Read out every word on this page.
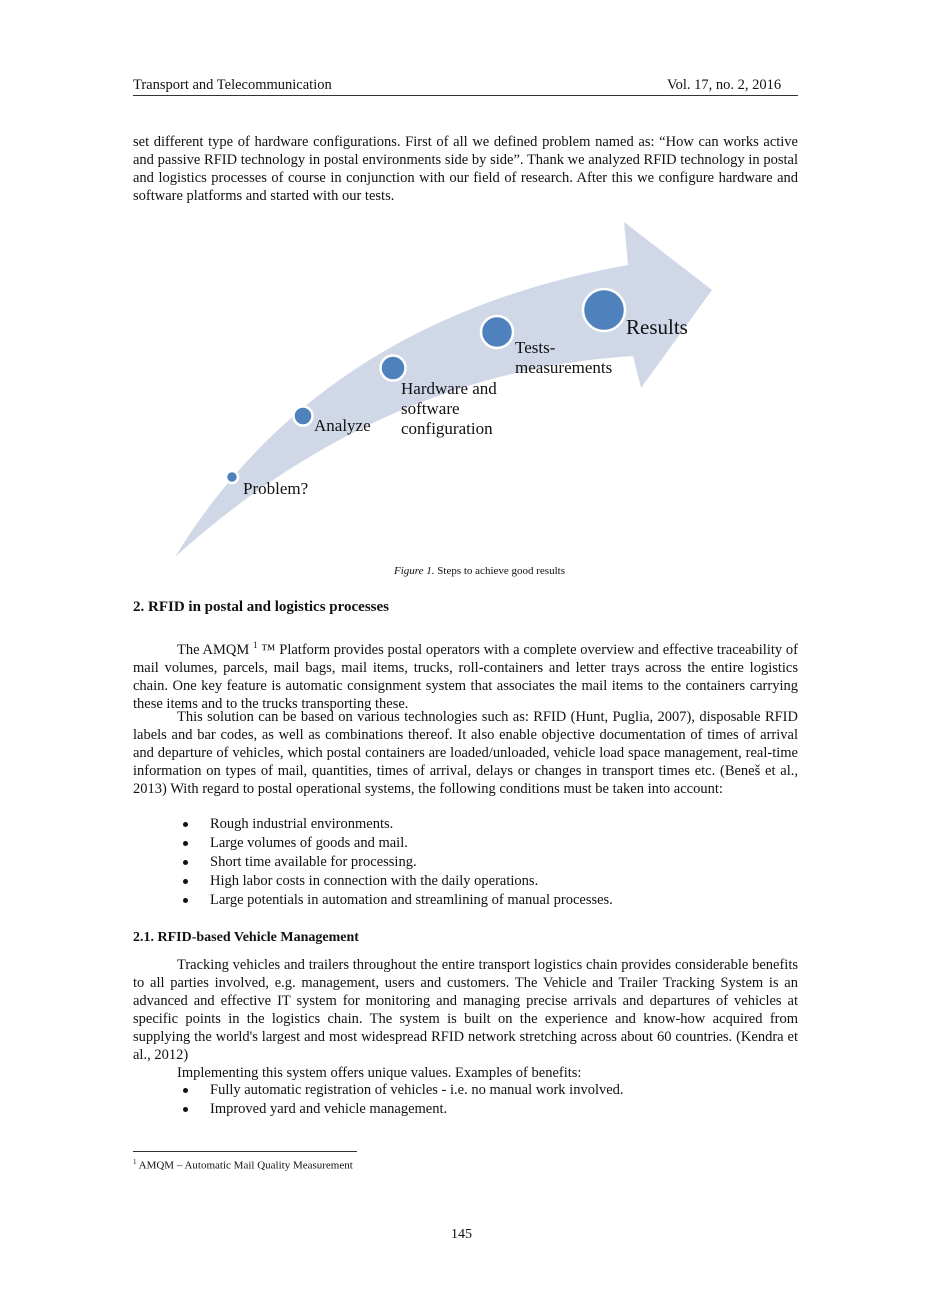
Transport and Telecommunication	Vol. 17, no. 2, 2016
set different type of hardware configurations. First of all we defined problem named as: “How can works active and passive RFID technology in postal environments side by side”. Thank we analyzed RFID technology in postal and logistics processes of course in conjunction with our field of research. After this we configure hardware and software platforms and started with our tests.
Problem?
Analyze
Hardware and
software
configuration
Tests-
measurements
Results
Figure 1. Steps to achieve good results
2. RFID in postal and logistics processes
The AMQM $^1$ ™ Platform provides postal operators with a complete overview and effective traceability of mail volumes, parcels, mail bags, mail items, trucks, roll-containers and letter trays across the entire logistics chain. One key feature is automatic consignment system that associates the mail items to the containers carrying these items and to the trucks transporting these.
This solution can be based on various technologies such as: RFID (Hunt, Puglia, 2007), disposable RFID labels and bar codes, as well as combinations thereof. It also enable objective documentation of times of arrival and departure of vehicles, which postal containers are loaded/unloaded, vehicle load space management, real-time information on types of mail, quantities, times of arrival, delays or changes in transport times etc. (Beneš et al., 2013) With regard to postal operational systems, the following conditions must be taken into account:
Rough industrial environments.
Large volumes of goods and mail.
Short time available for processing.
High labor costs in connection with the daily operations.
Large potentials in automation and streamlining of manual processes.
2.1. RFID-based Vehicle Management
Tracking vehicles and trailers throughout the entire transport logistics chain provides considerable benefits to all parties involved, e.g. management, users and customers. The Vehicle and Trailer Tracking System is an advanced and effective IT system for monitoring and managing precise arrivals and departures of vehicles at specific points in the logistics chain. The system is built on the experience and know-how acquired from supplying the world's largest and most widespread RFID network stretching across about 60 countries. (Kendra et al., 2012)
Implementing this system offers unique values. Examples of benefits:
Fully automatic registration of vehicles - i.e. no manual work involved.
Improved yard and vehicle management.
$^1$ AMQM – Automatic Mail Quality Measurement
145
